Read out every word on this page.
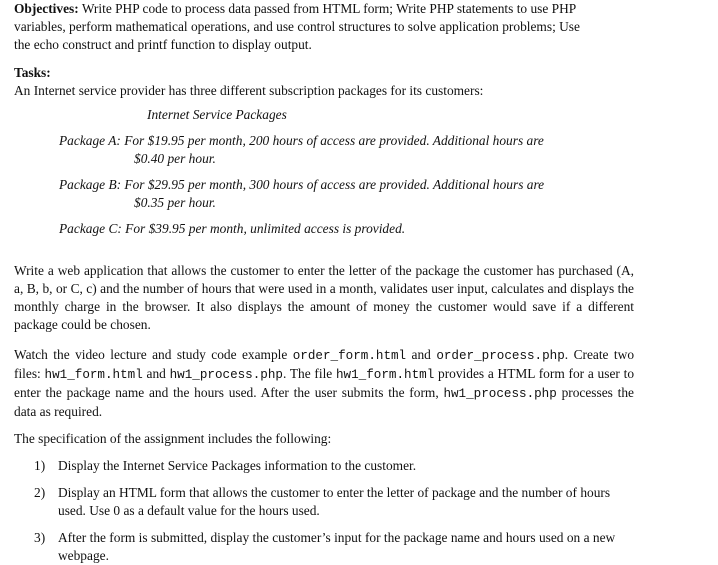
Objectives: Write PHP code to process data passed from HTML form; Write PHP statements to use PHP
variables, perform mathematical operations, and use control structures to solve application problems; Use
the echo construct and printf function to display output.

Tasks:

An Internet service provider has three different subscription packages for its customers:

Internet Service Packages

Package A: For $19.95 per month, 200 hours of access are provided. Additional hours are
$0.40 per hour.
Package B: For $29.95 per month, 300 hours of access are provided. Additional hours are
$0.35 per hour.
Package C: For $39.95 per month, unlimited access is provided.

Write a web application that allows the customer to enter the letter of the package the customer has purchased (A, a, B, b, or C, c) and the number of hours that were used in a month, validates user input, calculates and displays the monthly charge in the browser. It also displays the amount of money the customer would save if a different package could be chosen.

Watch the video lecture and study code example order_form.html and order_process.php. Create two files: hw1_form.html and hw1_process.php. The file hw1_form.html provides a HTML form for a user to enter the package name and the hours used. After the user submits the form, hw1_process.php processes the data as required.

The specification of the assignment includes the following:

1) Display the Internet Service Packages information to the customer.
2) Display an HTML form that allows the customer to enter the letter of package and the number of hours used. Use 0 as a default value for the hours used.
3) After the form is submitted, display the customer’s input for the package name and hours used on a new webpage.
